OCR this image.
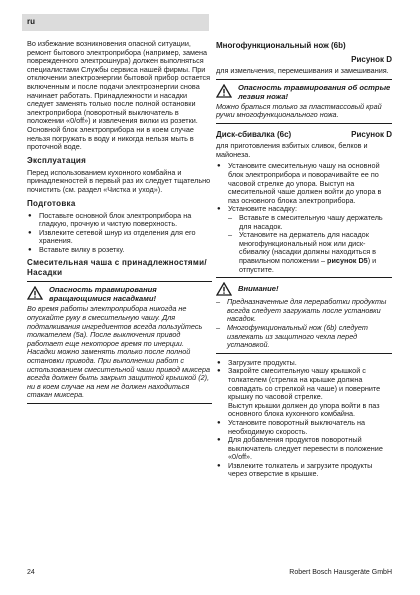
ru

Во избежание возникновения опасной ситуации, ремонт бытового электроприбора (например, замена поврежденного электрошнура) должен выполняться специалистами Службы сервиса нашей фирмы. При отключении электроэнергии бытовой прибор остается включенным и после подачи электроэнергии снова начинает работать. Принадлежности и насадки следует заменять только после полной остановки электроприбора (поворотный выключатель в положении «0/off») и извлечения вилки из розетки. Основной блок электроприбора ни в коем случае нельзя погружать в воду и никогда нельзя мыть в проточной воде.

Эксплуатация

Перед использованием кухонного комбайна и принадлежностей в первый раз их следует тщательно почистить (см. раздел «Чистка и уход»).

Подготовка
● Поставьте основной блок электроприбора на гладкую, прочную и чистую поверхность.
● Извлеките сетевой шнур из отделения для его хранения.
● Вставьте вилку в розетку.
Смесительная чаша с принадлежностями/Насадки
Опасность травмирования вращающимися насадками!

Во время работы электроприбора никогда не опускайте руку в смесительную чашу. Для подталкивания ингредиентов всегда пользуйтесь толкателем (5a). После выключения привод работает еще некоторое время по инерции. Насадки можно заменять только после полной остановки привода. При выполнении работ с использованием смесительной чаши привод миксера всегда должен быть закрыт защитной крышкой (2), ни в коем случае на нем не должен находиться стакан миксера.

Многофункциональный нож (6b)
Рисунок D

для измельчения, перемешивания и замешивания.

Опасность травмирования об острые лезвия ножа!

Можно браться только за пластмассовый край ручки многофункционального ножа.

Диск-сбивалка (6c)	Рисунок D

для приготовления взбитых сливок, белков и майонеза.

● Установите смесительную чашу на основной блок электроприбора и поворачивайте ее по часовой стрелке до упора. Выступ на смесительной чаше должен войти до упора в паз основного блока электроприбора.
● Установите насадку:
– Вставьте в смесительную чашу держатель для насадок.
– Установите на держатель для насадок многофункциональный нож или диск-сбивалку (насадки должны находиться в правильном положении – рисунок D5) и отпустите.
Внимание!
– Предназначенные для переработки продукты всегда следует загружать после установки насадок.
– Многофункциональный нож (6b) следует извлекать из защитного чехла перед установкой.
● Загрузите продукты.
● Закройте смесительную чашу крышкой с толкателем (стрелка на крышке должна совпадать со стрелкой на чаше) и поверните крышку по часовой стрелке.
Выступ крышки должен до упора войти в паз основного блока кухонного комбайна.
● Установите поворотный выключатель на необходимую скорость.
● Для добавления продуктов поворотный выключатель следует перевести в положение «0/off».
● Извлеките толкатель и загрузите продукты через отверстие в крышке.
24	Robert Bosch Hausgeräte GmbH
